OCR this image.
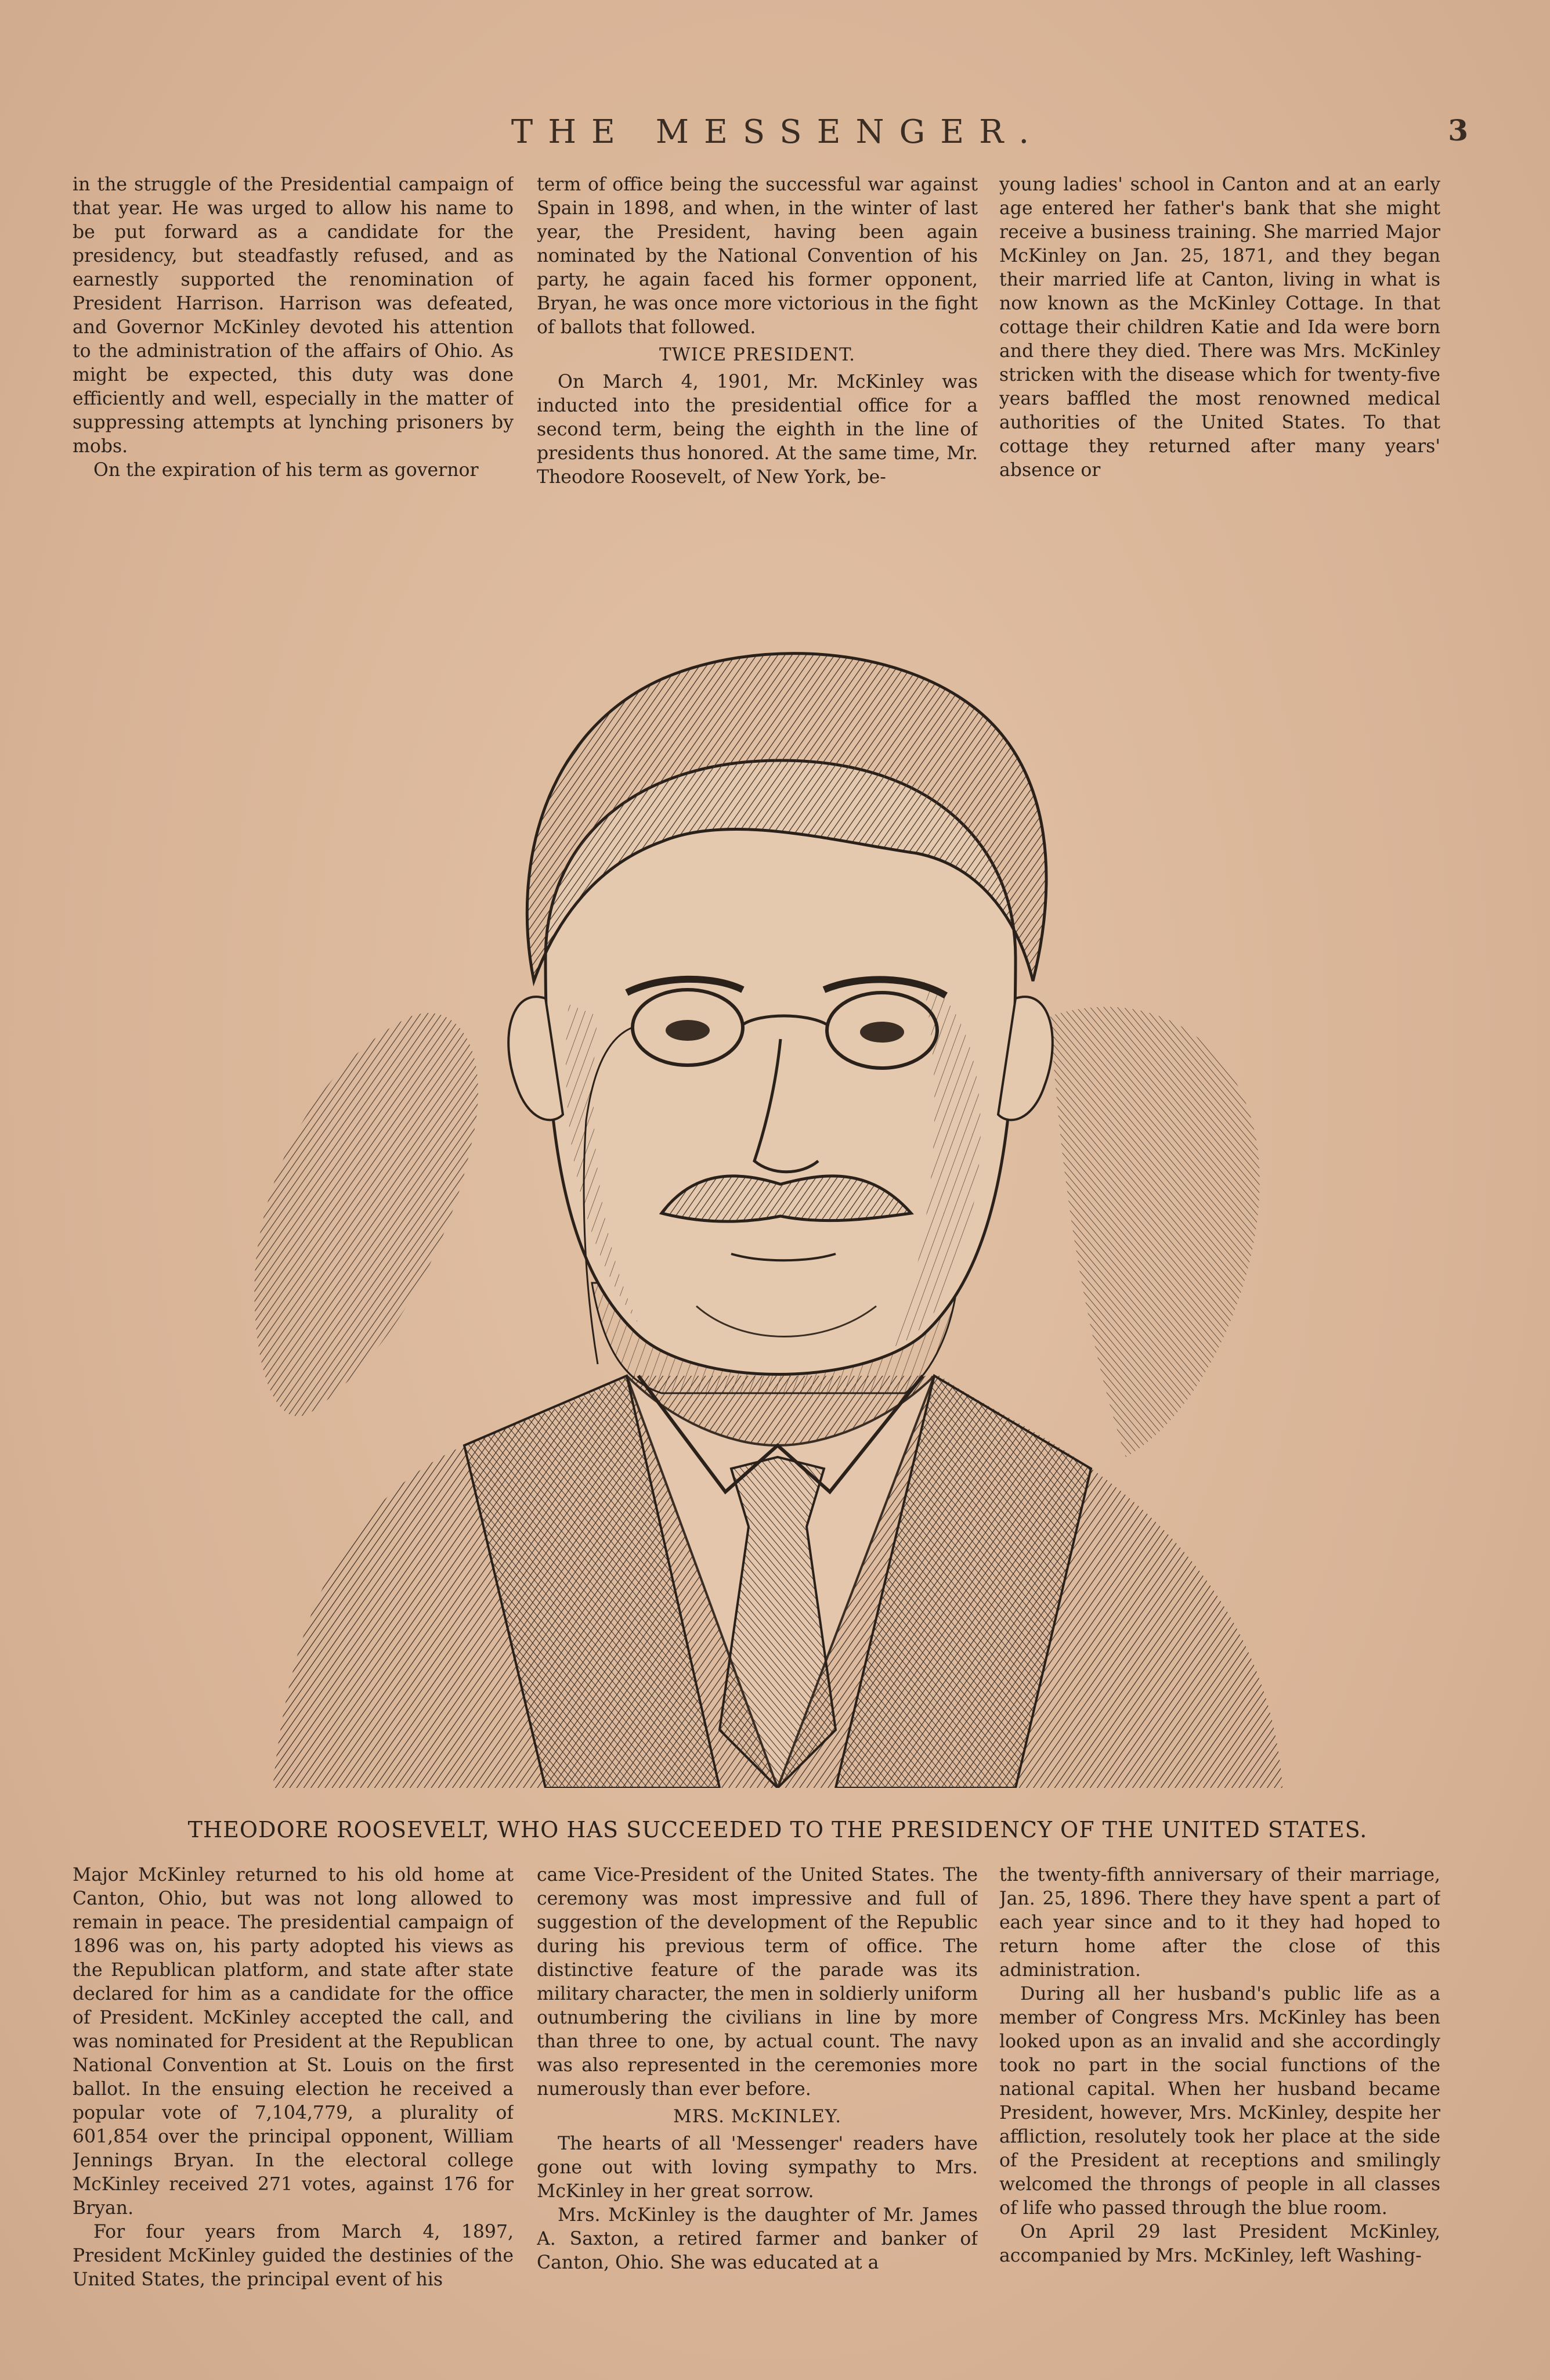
THE MESSENGER.	3

in the struggle of the Presidential campaign of that year. He was urged to allow his name to be put forward as a candidate for the presidency, but steadfastly refused, and as earnestly supported the renomination of President Harrison. Harrison was defeated, and Governor McKinley devoted his attention to the administration of the affairs of Ohio. As might be expected, this duty was done efficiently and well, especially in the matter of suppressing attempts at lynching prisoners by mobs.

On the expiration of his term as governor

term of office being the successful war against Spain in 1898, and when, in the winter of last year, the President, having been again nominated by the National Convention of his party, he again faced his former opponent, Bryan, he was once more victorious in the fight of ballots that followed.

TWICE PRESIDENT.

On March 4, 1901, Mr. McKinley was inducted into the presidential office for a second term, being the eighth in the line of presidents thus honored. At the same time, Mr. Theodore Roosevelt, of New York, be-

young ladies' school in Canton and at an early age entered her father's bank that she might receive a business training. She married Major McKinley on Jan. 25, 1871, and they began their married life at Canton, living in what is now known as the McKinley Cottage. In that cottage their children Katie and Ida were born and there they died. There was Mrs. McKinley stricken with the disease which for twenty-five years baffled the most renowned medical authorities of the United States. To that cottage they returned after many years' absence or

THEODORE ROOSEVELT, WHO HAS SUCCEEDED TO THE PRESIDENCY OF THE UNITED STATES.

Major McKinley returned to his old home at Canton, Ohio, but was not long allowed to remain in peace. The presidential campaign of 1896 was on, his party adopted his views as the Republican platform, and state after state declared for him as a candidate for the office of President. McKinley accepted the call, and was nominated for President at the Republican National Convention at St. Louis on the first ballot. In the ensuing election he received a popular vote of 7,104,779, a plurality of 601,854 over the principal opponent, William Jennings Bryan. In the electoral college McKinley received 271 votes, against 176 for Bryan.

For four years from March 4, 1897, President McKinley guided the destinies of the United States, the principal event of his

came Vice-President of the United States. The ceremony was most impressive and full of suggestion of the development of the Republic during his previous term of office. The distinctive feature of the parade was its military character, the men in soldierly uniform outnumbering the civilians in line by more than three to one, by actual count. The navy was also represented in the ceremonies more numerously than ever before.

MRS. McKINLEY.

The hearts of all 'Messenger' readers have gone out with loving sympathy to Mrs. McKinley in her great sorrow.

Mrs. McKinley is the daughter of Mr. James A. Saxton, a retired farmer and banker of Canton, Ohio. She was educated at a

the twenty-fifth anniversary of their marriage, Jan. 25, 1896. There they have spent a part of each year since and to it they had hoped to return home after the close of this administration.

During all her husband's public life as a member of Congress Mrs. McKinley has been looked upon as an invalid and she accordingly took no part in the social functions of the national capital. When her husband became President, however, Mrs. McKinley, despite her affliction, resolutely took her place at the side of the President at receptions and smilingly welcomed the throngs of people in all classes of life who passed through the blue room.

On April 29 last President McKinley, accompanied by Mrs. McKinley, left Washing-
